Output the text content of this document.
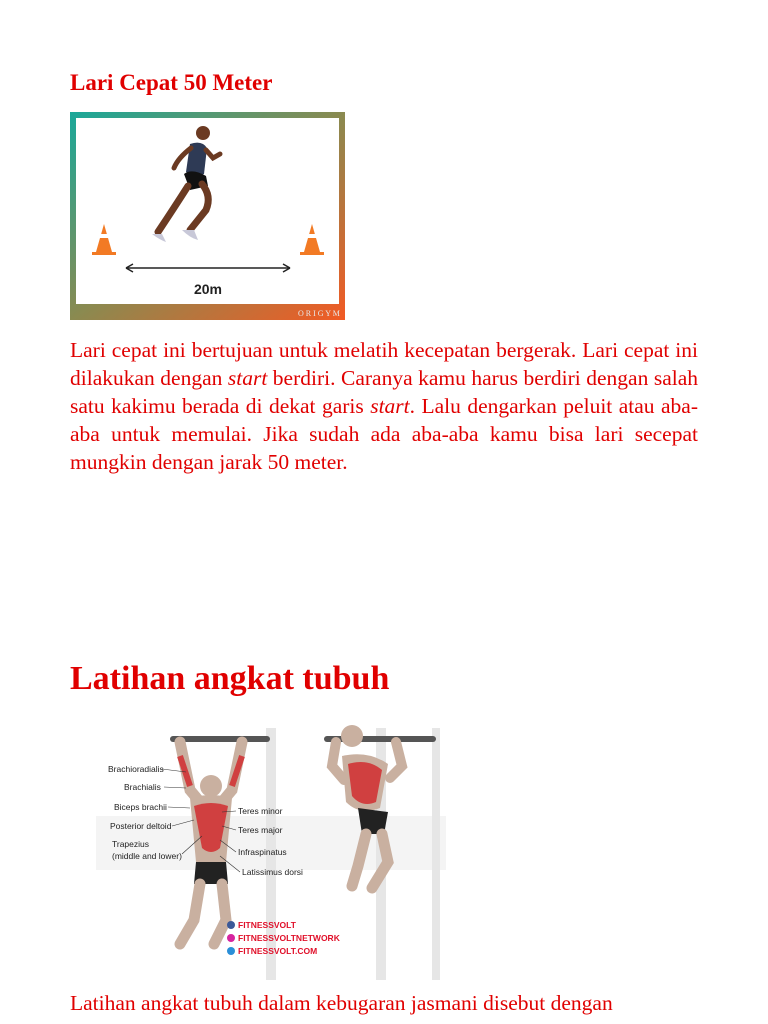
Lari Cepat 50 Meter
20m
O R I G Y M

Lari cepat ini bertujuan untuk melatih kecepatan bergerak. Lari cepat ini dilakukan dengan start berdiri. Caranya kamu harus berdiri dengan salah satu kakimu berada di dekat garis start. Lalu dengarkan peluit atau aba-aba untuk memulai. Jika sudah ada aba-aba kamu bisa lari secepat mungkin dengan jarak 50 meter.

Latihan angkat tubuh
Brachioradialis
Brachialis
Biceps brachii
Posterior deltoid
Trapezius
(middle and lower)
Teres minor
Teres major
Infraspinatus
Latissimus dorsi
FITNESSVOLT
FITNESSVOLTNETWORK
FITNESSVOLT.COM

Latihan angkat tubuh dalam kebugaran jasmani disebut dengan
